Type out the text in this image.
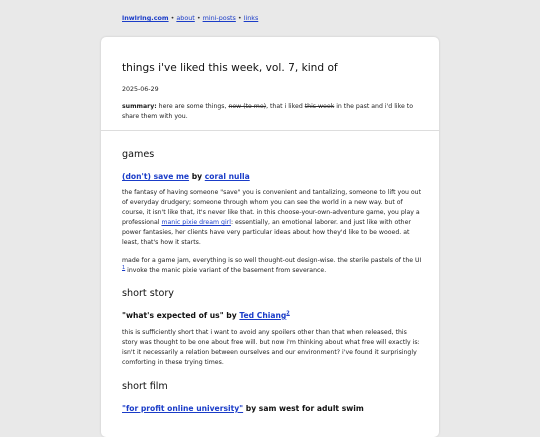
lnwlrlng.com • about • mini-posts • links
things i've liked this week, vol. 7, kind of
2025-06-29
summary: here are some things, new (to me), that i liked this week in the past and i'd like to share them with you.
games
(don't) save me by coral nulla

the fantasy of having someone "save" you is convenient and tantalizing, someone to lift you out of everyday drudgery; someone through whom you can see the world in a new way. but of course, it isn't like that, it's never like that. in this choose-your-own-adventure game, you play a professional manic pixie dream girl: essentially, an emotional laborer. and just like with other power fantasies, her clients have very particular ideas about how they'd like to be wooed. at least, that's how it starts.

made for a game jam, everything is so well thought-out design-wise. the sterile pastels of the UI $^1$ invoke the manic pixie variant of the basement from severance.

short story
"what's expected of us" by Ted Chiang$^2$

this is sufficiently short that i want to avoid any spoilers other than that when released, this story was thought to be one about free will. but now i'm thinking about what free will exactly is: isn't it necessarily a relation between ourselves and our environment? i've found it surprisingly comforting in these trying times.

short film
"for profit online university" by sam west for adult swim
